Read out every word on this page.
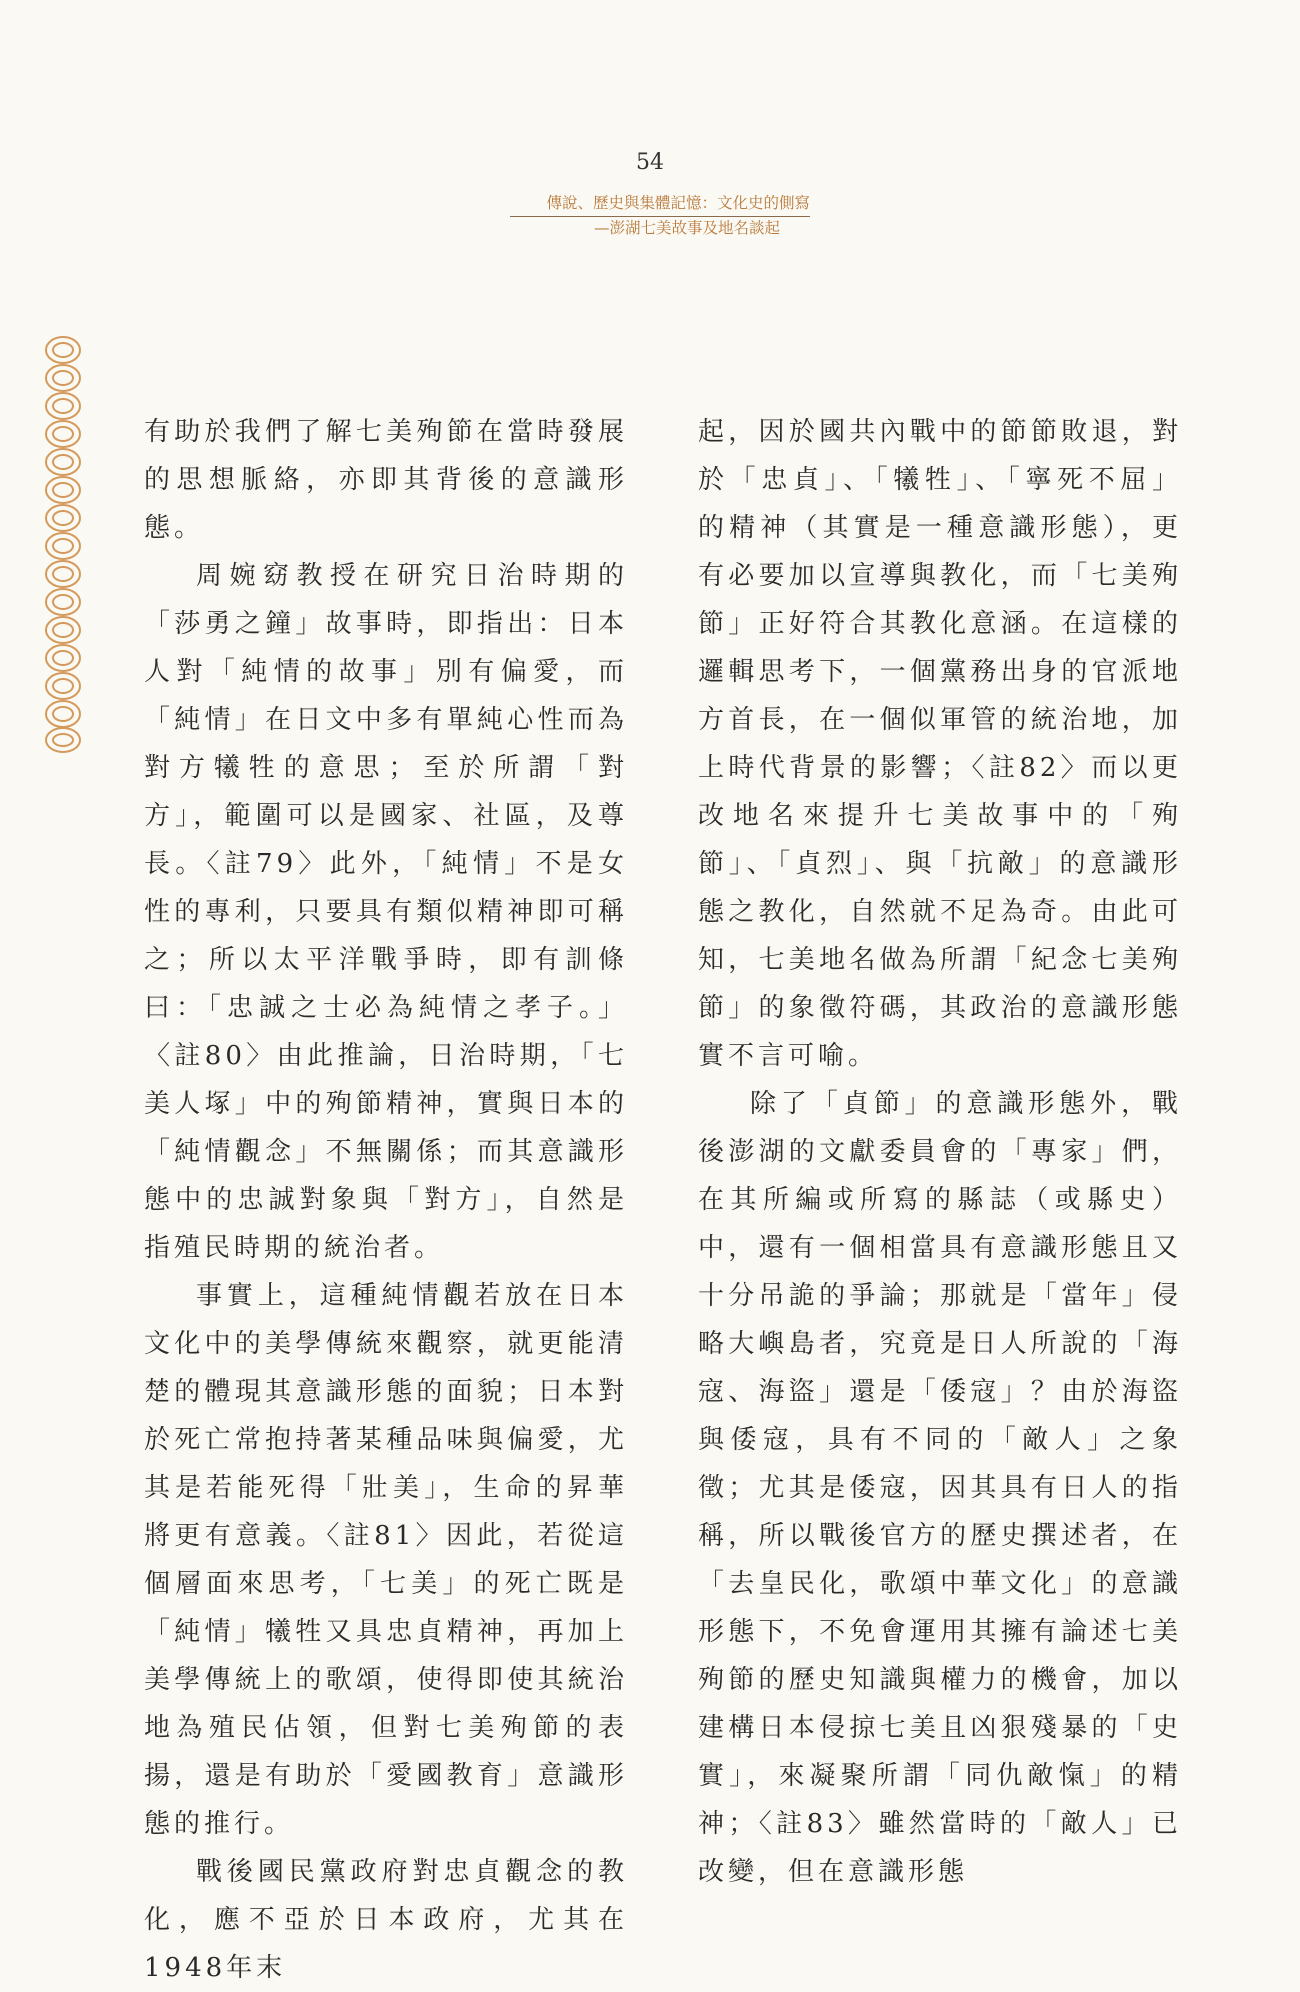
54
傳說、歷史與集體記憶：文化史的側寫
—澎湖七美故事及地名談起

有助於我們了解七美殉節在當時發展的思想脈絡，亦即其背後的意識形態。

周婉窈教授在研究日治時期的「莎勇之鐘」故事時，即指出：日本人對「純情的故事」別有偏愛，而「純情」在日文中多有單純心性而為對方犧牲的意思；至於所謂「對方」，範圍可以是國家、社區，及尊長。〈註79〉此外，「純情」不是女性的專利，只要具有類似精神即可稱之；所以太平洋戰爭時，即有訓條曰：「忠誠之士必為純情之孝子。」〈註80〉由此推論，日治時期，「七美人塚」中的殉節精神，實與日本的「純情觀念」不無關係；而其意識形態中的忠誠對象與「對方」，自然是指殖民時期的統治者。

事實上，這種純情觀若放在日本文化中的美學傳統來觀察，就更能清楚的體現其意識形態的面貌；日本對於死亡常抱持著某種品味與偏愛，尤其是若能死得「壯美」，生命的昇華將更有意義。〈註81〉因此，若從這個層面來思考，「七美」的死亡既是「純情」犧牲又具忠貞精神，再加上美學傳統上的歌頌，使得即使其統治地為殖民佔領，但對七美殉節的表揚，還是有助於「愛國教育」意識形態的推行。

戰後國民黨政府對忠貞觀念的教化，應不亞於日本政府，尤其在1948年末

起，因於國共內戰中的節節敗退，對於「忠貞」、「犧牲」、「寧死不屈」的精神（其實是一種意識形態），更有必要加以宣導與教化，而「七美殉節」正好符合其教化意涵。在這樣的邏輯思考下，一個黨務出身的官派地方首長，在一個似軍管的統治地，加上時代背景的影響；〈註82〉而以更改地名來提升七美故事中的「殉節」、「貞烈」、與「抗敵」的意識形態之教化，自然就不足為奇。由此可知，七美地名做為所謂「紀念七美殉節」的象徵符碼，其政治的意識形態實不言可喻。

除了「貞節」的意識形態外，戰後澎湖的文獻委員會的「專家」們，在其所編或所寫的縣誌（或縣史）中，還有一個相當具有意識形態且又十分吊詭的爭論；那就是「當年」侵略大嶼島者，究竟是日人所說的「海寇、海盜」還是「倭寇」？由於海盜與倭寇，具有不同的「敵人」之象徵；尤其是倭寇，因其具有日人的指稱，所以戰後官方的歷史撰述者，在「去皇民化，歌頌中華文化」的意識形態下，不免會運用其擁有論述七美殉節的歷史知識與權力的機會，加以建構日本侵掠七美且凶狠殘暴的「史實」，來凝聚所謂「同仇敵愾」的精神；〈註83〉雖然當時的「敵人」已改變，但在意識形態
